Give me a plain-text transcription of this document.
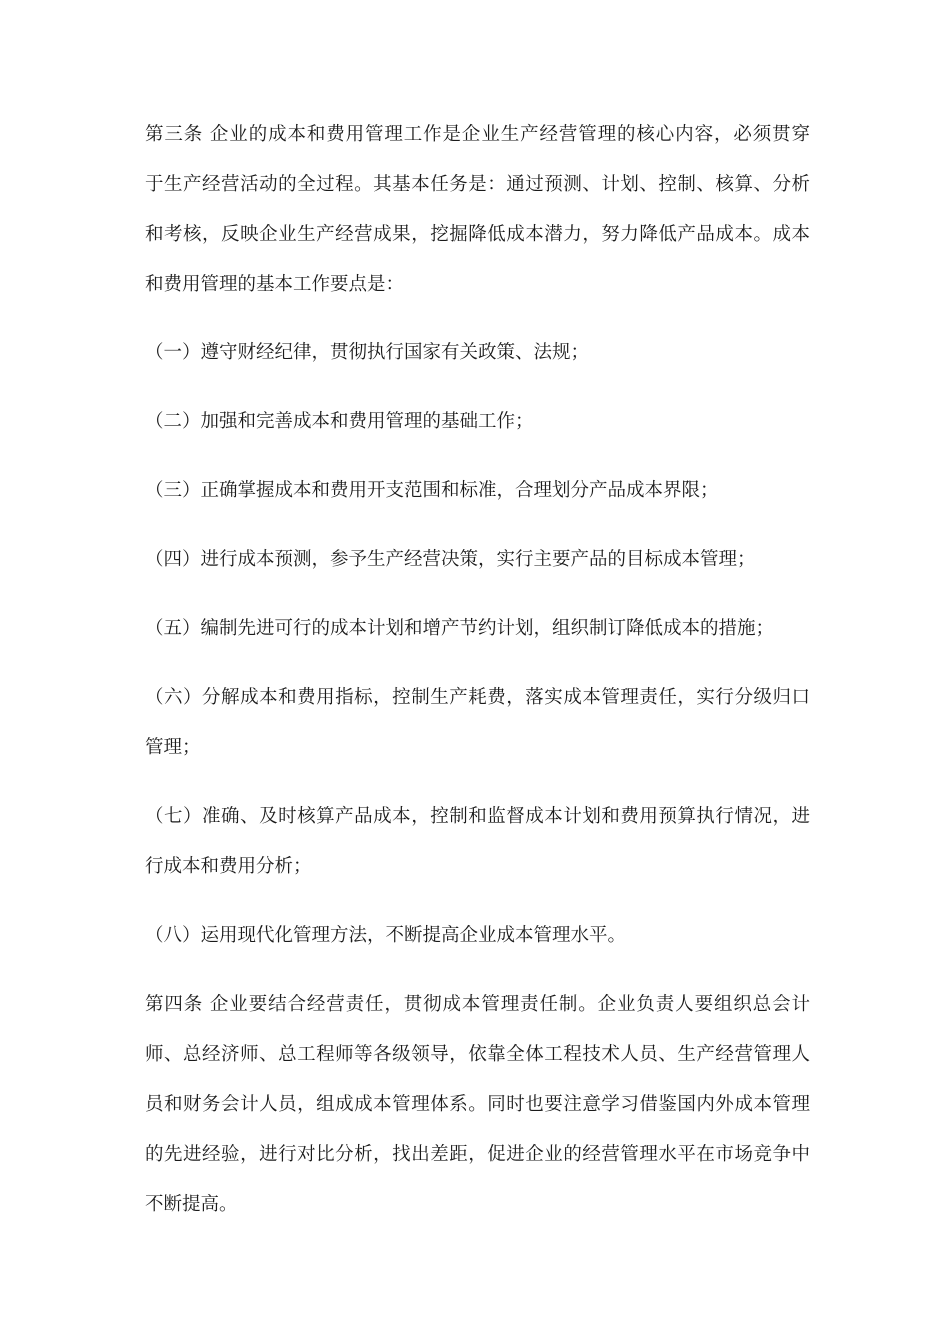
第三条 企业的成本和费用管理工作是企业生产经营管理的核心内容，必须贯穿
于生产经营活动的全过程。其基本任务是：通过预测、计划、控制、核算、分析
和考核，反映企业生产经营成果，挖掘降低成本潜力，努力降低产品成本。成本
和费用管理的基本工作要点是：
（一）遵守财经纪律，贯彻执行国家有关政策、法规；
（二）加强和完善成本和费用管理的基础工作；
（三）正确掌握成本和费用开支范围和标准，合理划分产品成本界限；
（四）进行成本预测，参予生产经营决策，实行主要产品的目标成本管理；
（五）编制先进可行的成本计划和增产节约计划，组织制订降低成本的措施；
（六）分解成本和费用指标，控制生产耗费，落实成本管理责任，实行分级归口
管理；
（七）准确、及时核算产品成本，控制和监督成本计划和费用预算执行情况，进
行成本和费用分析；
（八）运用现代化管理方法，不断提高企业成本管理水平。
第四条 企业要结合经营责任，贯彻成本管理责任制。企业负责人要组织总会计
师、总经济师、总工程师等各级领导，依靠全体工程技术人员、生产经营管理人
员和财务会计人员，组成成本管理体系。同时也要注意学习借鉴国内外成本管理
的先进经验，进行对比分析，找出差距，促进企业的经营管理水平在市场竞争中
不断提高。
